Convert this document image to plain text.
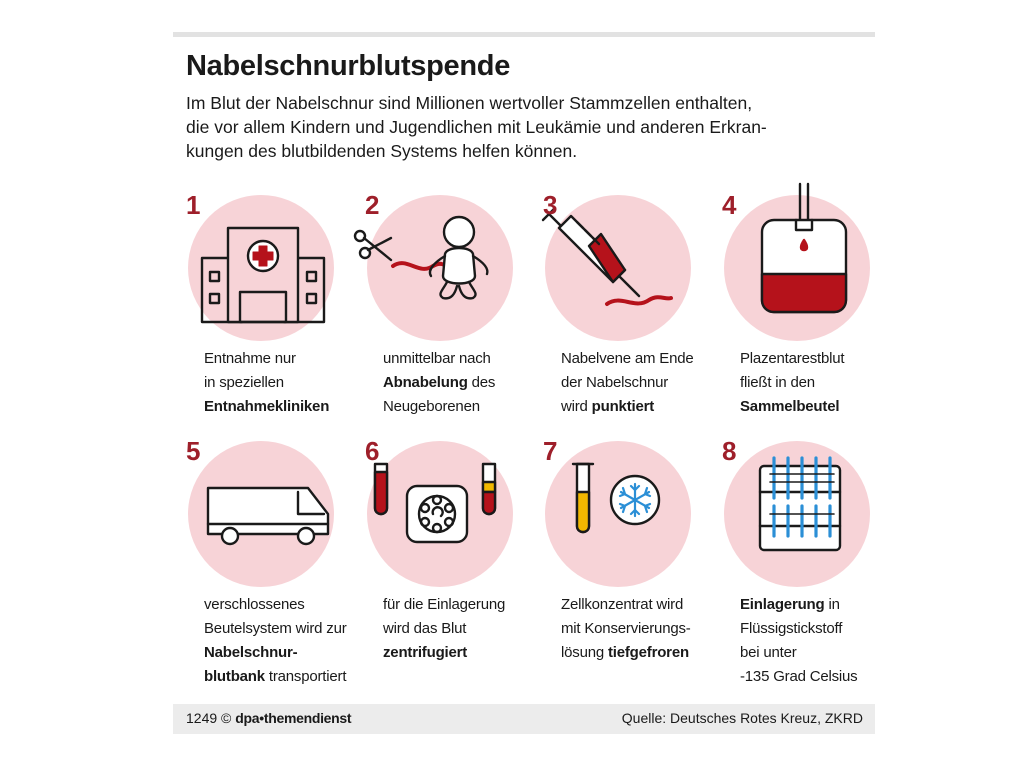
Nabelschnurblutspende
Im Blut der Nabelschnur sind Millionen wertvoller Stammzellen enthalten,
die vor allem Kindern und Jugendlichen mit Leukämie und anderen Erkran-
kungen des blutbildenden Systems helfen können.
1
Entnahme nur
in speziellen
Entnahmekliniken
2
unmittelbar nach
Abnabelung des
Neugeborenen
3
Nabelvene am Ende
der Nabelschnur
wird punktiert
4
Plazentarestblut
fließt in den
Sammelbeutel
5
verschlossenes
Beutelsystem wird zur
Nabelschnur-
blutbank transportiert
6
für die Einlagerung
wird das Blut
zentrifugiert
7
Zellkonzentrat wird
mit Konservierungs-
lösung tiefgefroren
8
Einlagerung in
Flüssigstickstoff
bei unter
-135 Grad Celsius
1249 © dpa•themendienst	Quelle: Deutsches Rotes Kreuz, ZKRD
